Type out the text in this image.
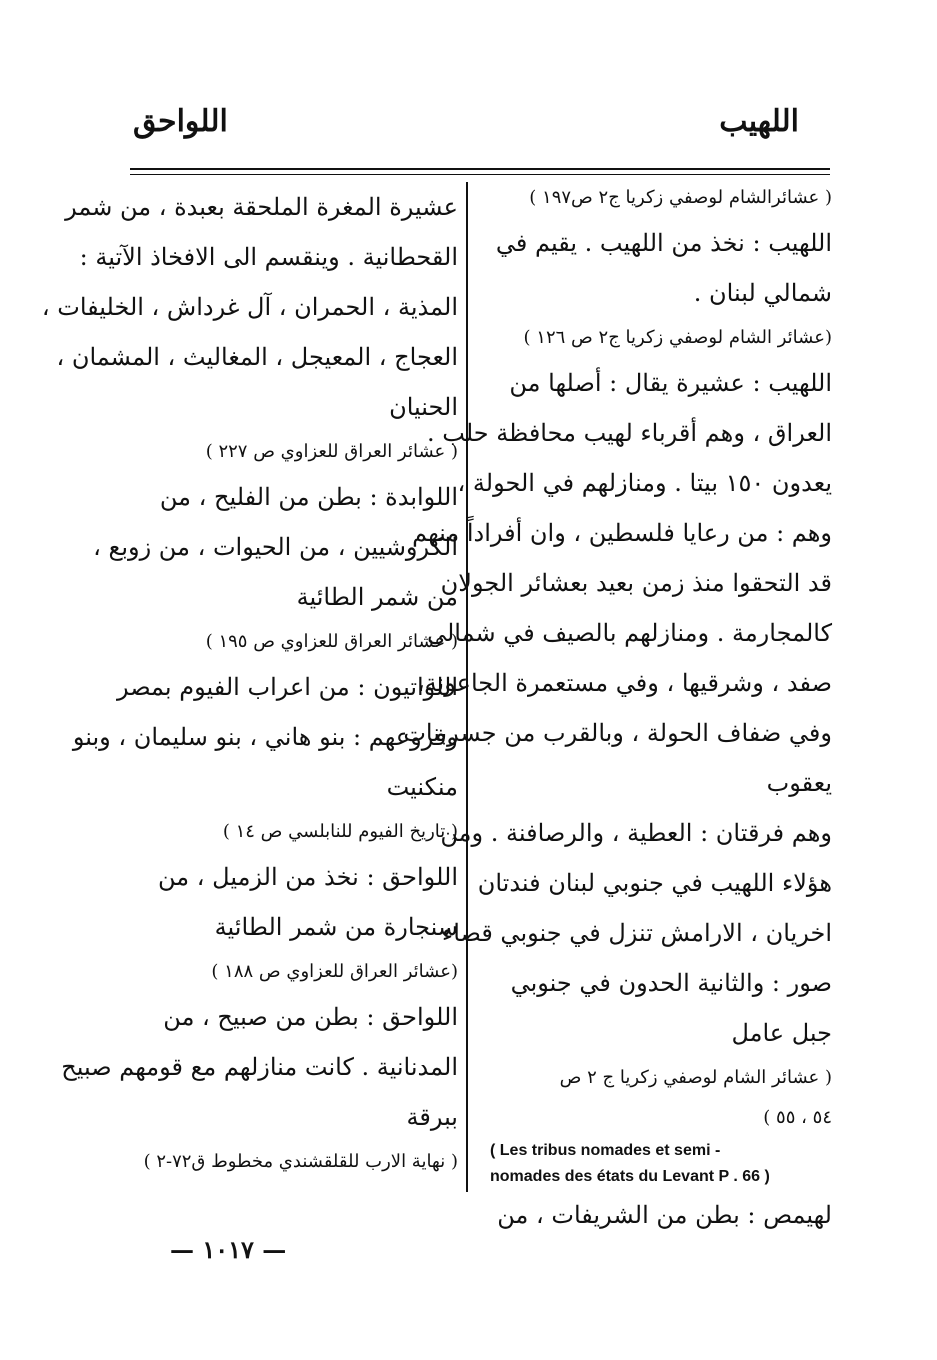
اللهيب
اللواحق
( عشائرالشام لوصفي زكريا ج٢ ص١٩٧ )
اللهيب : نخذ من اللهيب . يقيم في
شمالي لبنان .
(عشائر الشام لوصفي زكريا ج٢ ص ١٢٦ )
اللهيب : عشيرة يقال : أصلها من
العراق ، وهم أقرباء لهيب محافظة حلب .
يعدون ١٥٠ بيتا . ومنازلهم في الحولة ،
وهم : من رعايا فلسطين ، وان أفراداً منهم
قد التحقوا منذ زمن بعيد بعشائر الجولان
كالمجارمة . ومنازلهم بالصيف في شمالي
صفد ، وشرقيها ، وفي مستعمرة الجاعونة،
وفي ضفاف الحولة ، وبالقرب من جسربنات
يعقوب
وهم فرقتان : العطية ، والرصافنة . ومن
هؤلاء اللهيب في جنوبي لبنان فندتان
اخريان ، الارامش تنزل في جنوبي قضاء
صور : والثانية الحدون في جنوبي
جبل عامل
( عشائر الشام لوصفي زكريا ج ٢ ص
٥٤ ، ٥٥ )
( Les tribus nomades et semi -
nomades des états du Levant P . 66 )
لهيمص : بطن من الشريفات ، من
عشيرة المغرة الملحقة بعبدة ، من شمر
القحطانية . وينقسم الى الافخاذ الآتية :
المذية ، الحمران ، آل غرداش ، الخليفات ،
العجاج ، المعيجل ، المغاليث ، المشمان ،
الحنيان
( عشائر العراق للعزاوي ص ٢٢٧ )
اللوابدة : بطن من الفليح ، من
الكروشيين ، من الحيوات ، من زوبع ،
من شمر الطائية
( عشائر العراق للعزاوي ص ١٩٥ )
اللواتيون : من اعراب الفيوم بمصر
وفروعهم : بنو هاني ، بنو سليمان ، وبنو
منكنيت
( تاريخ الفيوم للنابلسي ص ١٤ )
اللواحق : نخذ من الزميل ، من
سنجارة من شمر الطائية
(عشائر العراق للعزاوي ص ١٨٨ )
اللواحق : بطن من صبيح ، من
المدنانية . كانت منازلهم مع قومهم صبيح
ببرقة
( نهاية الارب للقلقشندي مخطوط ق٧٢-٢ )
— ١٠١٧ —
